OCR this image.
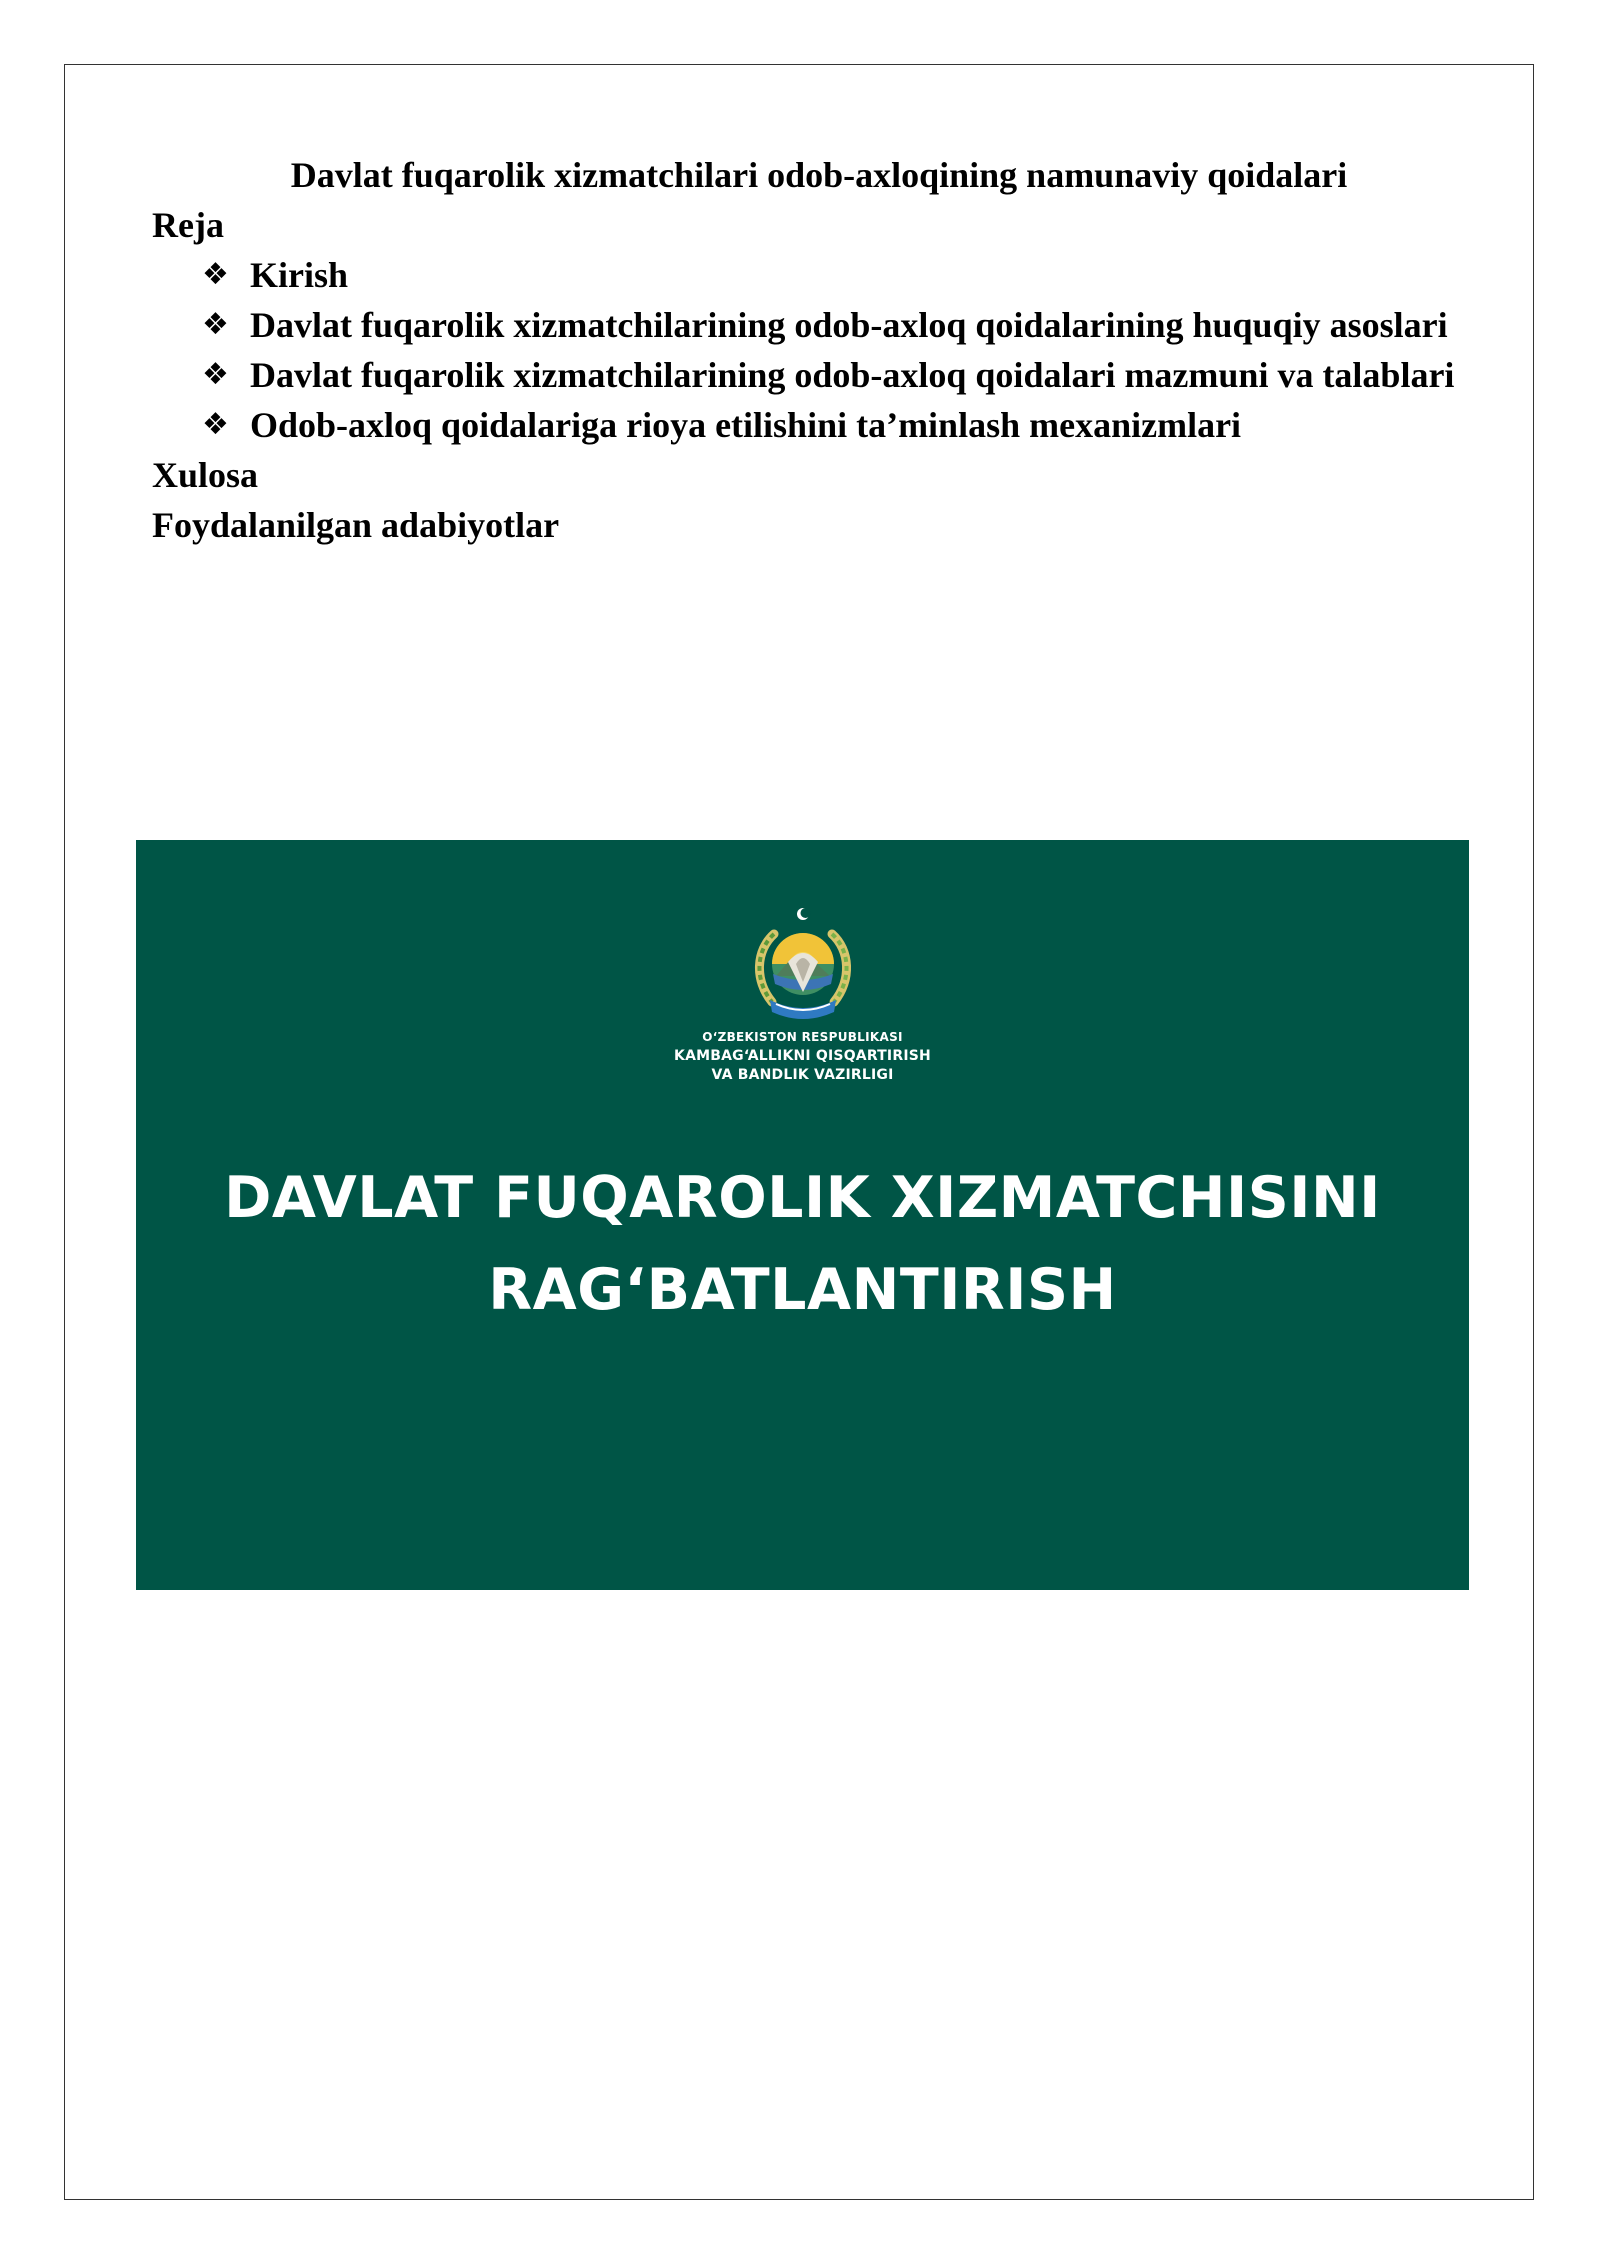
Davlat fuqarolik xizmatchilari odob-axloqining namunaviy qoidalari

Reja

❖ Kirish
❖ Davlat fuqarolik xizmatchilarining odob-axloq qoidalarining huquqiy asoslari
❖ Davlat fuqarolik xizmatchilarining odob-axloq qoidalari mazmuni va talablari
❖ Odob-axloq qoidalariga rioya etilishini ta’minlash mexanizmlari

Xulosa

Foydalanilgan adabiyotlar

O‘ZBEKISTON RESPUBLIKASI
KAMBAG‘ALLIKNI QISQARTIRISH
VA BANDLIK VAZIRLIGI
DAVLAT FUQAROLIK XIZMATCHISINI
RAG‘BATLANTIRISH
